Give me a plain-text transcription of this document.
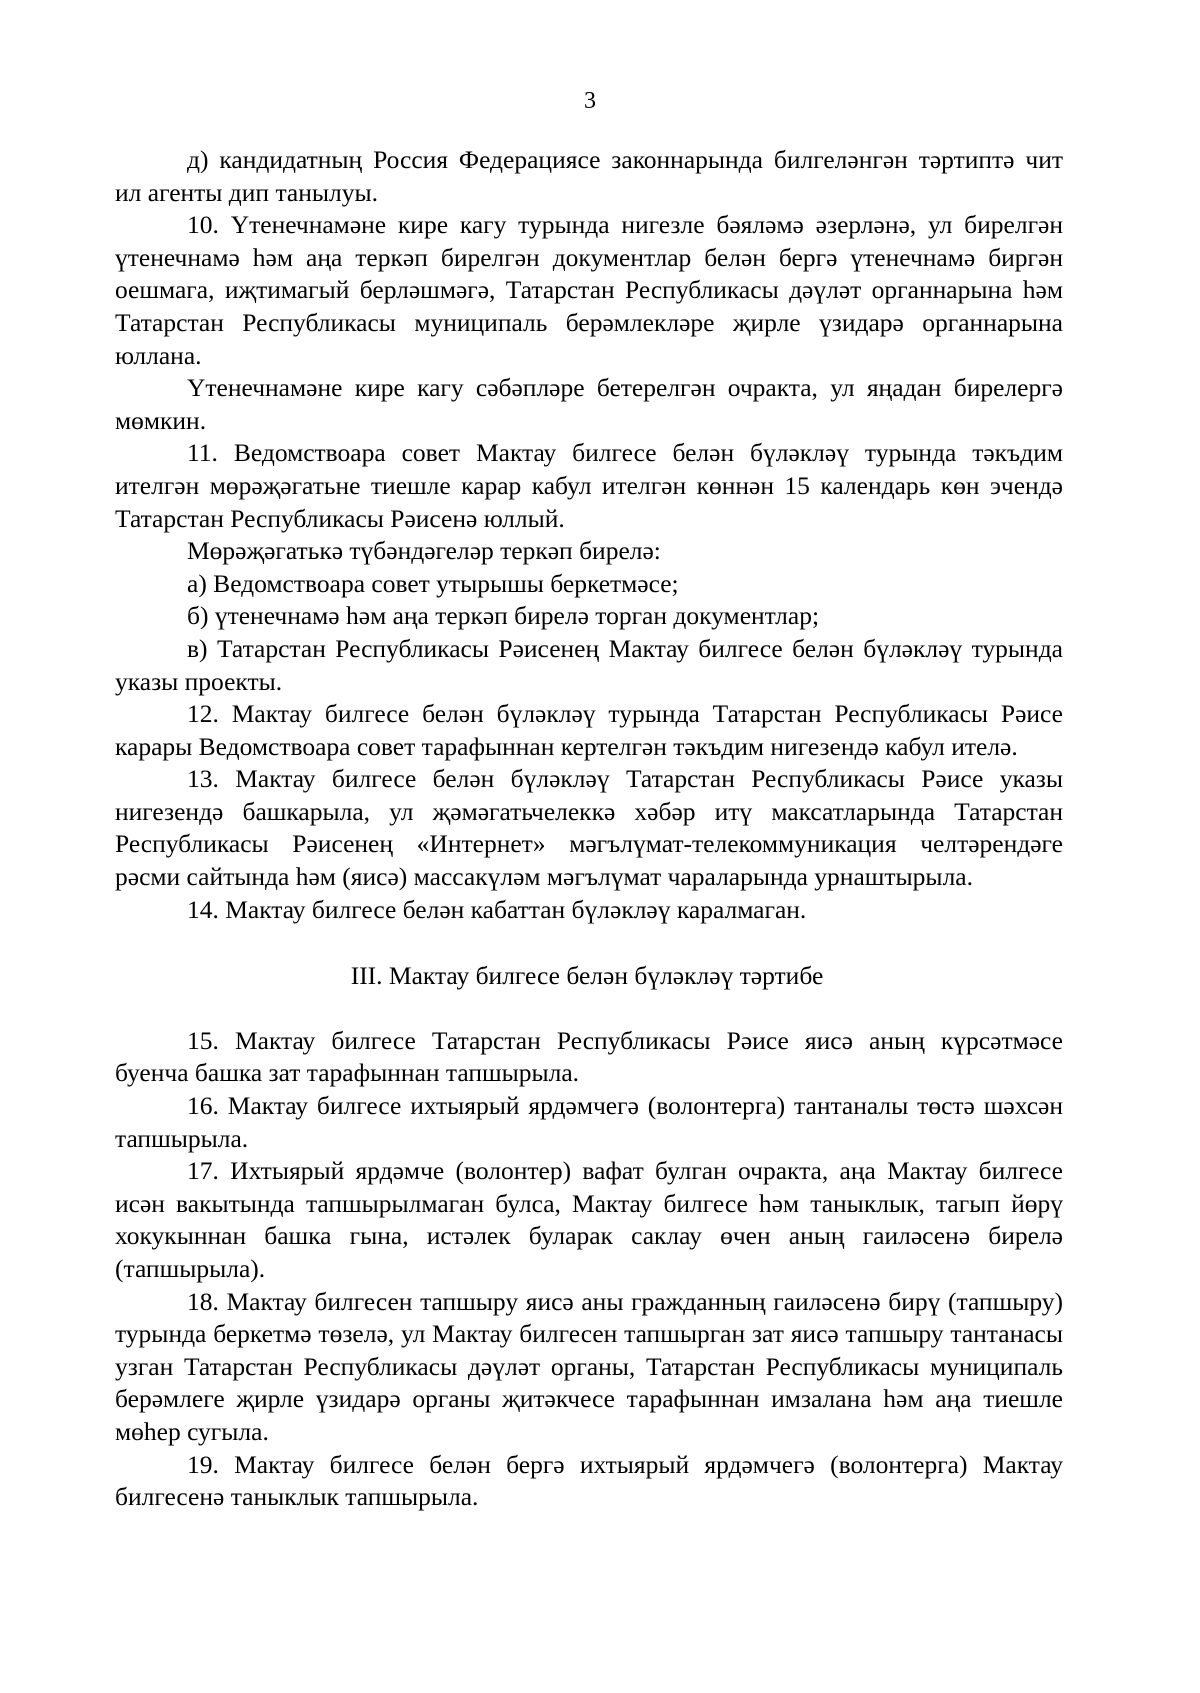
3

д) кандидатның Россия Федерациясе законнарында билгеләнгән тәртиптә чит ил агенты дип танылуы.

10. Үтенечнамәне кире кагу турында нигезле бәяләмә әзерләнә, ул бирелгән үтенечнамә һәм аңа теркәп бирелгән документлар белән бергә үтенечнамә биргән оешмага, иҗтимагый берләшмәгә, Татарстан Республикасы дәүләт органнарына һәм Татарстан Республикасы муниципаль берәмлекләре җирле үзидарә органнарына юллана.

Үтенечнамәне кире кагу сәбәпләре бетерелгән очракта, ул яңадан бирелергә мөмкин.

11. Ведомствоара совет Мактау билгесе белән бүләкләү турында тәкъдим ителгән мөрәҗәгатьне тиешле карар кабул ителгән көннән 15 календарь көн эчендә Татарстан Республикасы Рәисенә юллый.

Мөрәҗәгатькә түбәндәгеләр теркәп бирелә:

а) Ведомствоара совет утырышы беркетмәсе;

б) үтенечнамә һәм аңа теркәп бирелә торган документлар;

в) Татарстан Республикасы Рәисенең Мактау билгесе белән бүләкләү турында указы проекты.

12. Мактау билгесе белән бүләкләү турында Татарстан Республикасы Рәисе карары Ведомствоара совет тарафыннан кертелгән тәкъдим нигезендә кабул ителә.

13. Мактау билгесе белән бүләкләү Татарстан Республикасы Рәисе указы нигезендә башкарыла, ул җәмәгатьчелеккә хәбәр итү максатларында Татарстан Республикасы Рәисенең «Интернет» мәгълүмат-телекоммуникация челтәрендәге рәсми сайтында һәм (яисә) массакүләм мәгълүмат чараларында урнаштырыла.

14. Мактау билгесе белән кабаттан бүләкләү каралмаган.

III. Мактау билгесе белән бүләкләү тәртибе

15. Мактау билгесе Татарстан Республикасы Рәисе яисә аның күрсәтмәсе буенча башка зат тарафыннан тапшырыла.

16. Мактау билгесе ихтыярый ярдәмчегә (волонтерга) тантаналы төстә шәхсән тапшырыла.

17. Ихтыярый ярдәмче (волонтер) вафат булган очракта, аңа Мактау билгесе исән вакытында тапшырылмаган булса, Мактау билгесе һәм таныклык, тагып йөрү хокукыннан башка гына, истәлек буларак саклау өчен аның гаиләсенә бирелә (тапшырыла).

18. Мактау билгесен тапшыру яисә аны гражданның гаиләсенә бирү (тапшыру) турында беркетмә төзелә, ул Мактау билгесен тапшырган зат яисә тапшыру тантанасы узган Татарстан Республикасы дәүләт органы, Татарстан Республикасы муниципаль берәмлеге җирле үзидарә органы җитәкчесе тарафыннан имзалана һәм аңа тиешле мөһер сугыла.

19. Мактау билгесе белән бергә ихтыярый ярдәмчегә (волонтерга) Мактау билгесенә таныклык тапшырыла.
